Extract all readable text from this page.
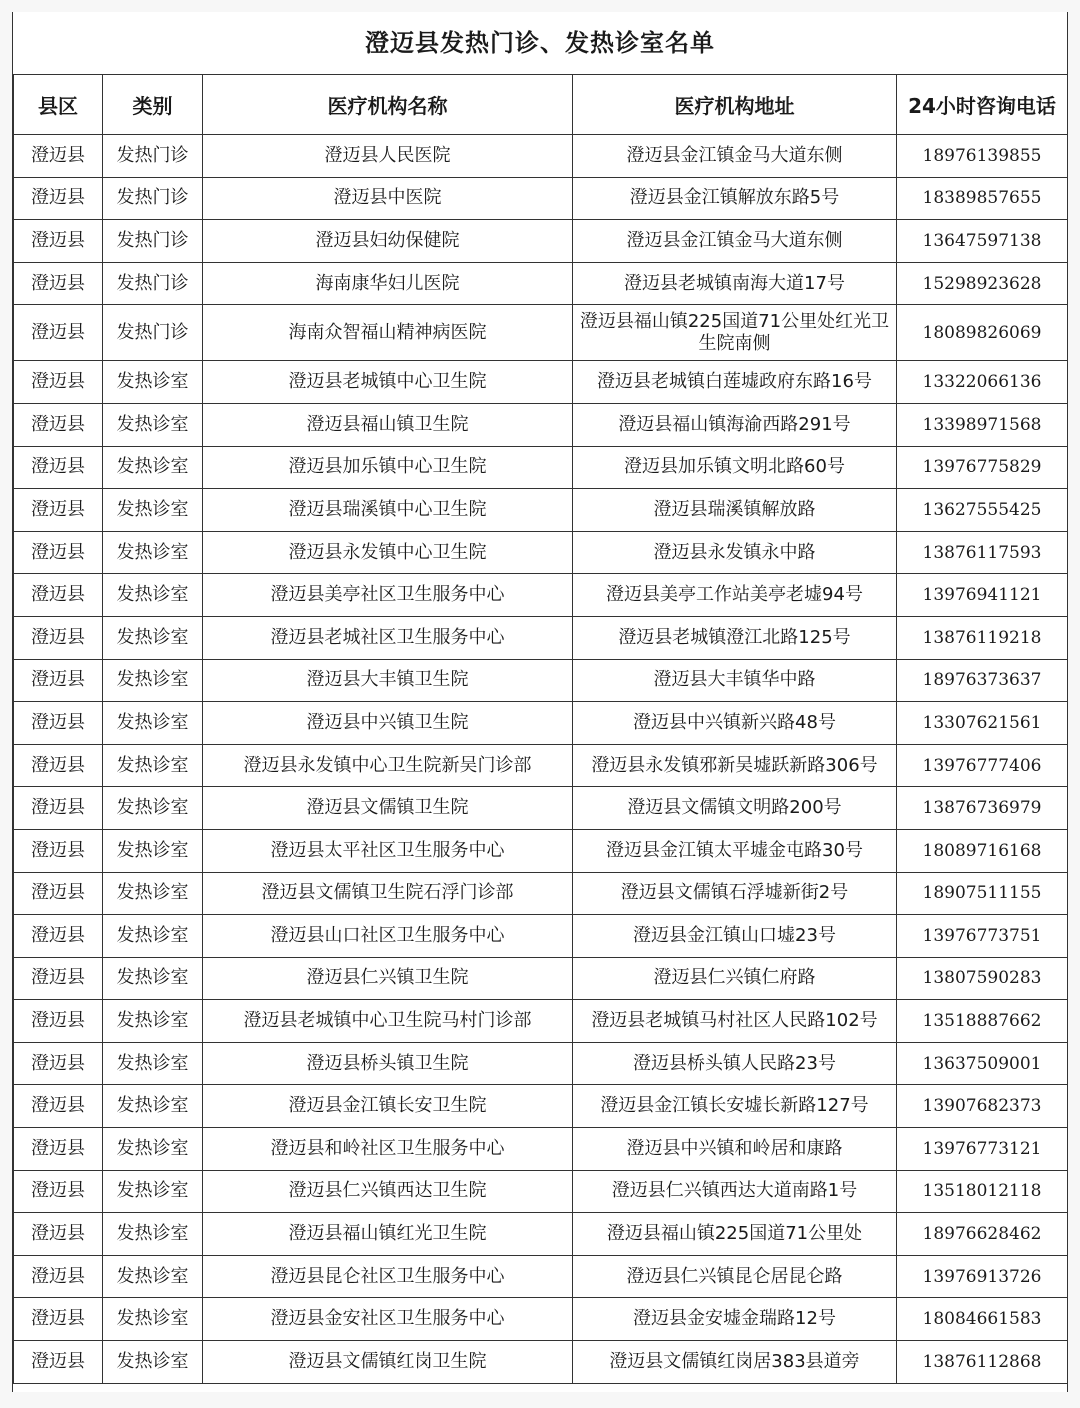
澄迈县发热门诊、发热诊室名单
县区	类别	医疗机构名称	医疗机构地址	24小时咨询电话
澄迈县	发热门诊	澄迈县人民医院	澄迈县金江镇金马大道东侧	18976139855
澄迈县	发热门诊	澄迈县中医院	澄迈县金江镇解放东路5号	18389857655
澄迈县	发热门诊	澄迈县妇幼保健院	澄迈县金江镇金马大道东侧	13647597138
澄迈县	发热门诊	海南康华妇儿医院	澄迈县老城镇南海大道17号	15298923628
澄迈县	发热门诊	海南众智福山精神病医院	澄迈县福山镇225国道71公里处红光卫生院南侧	18089826069
澄迈县	发热诊室	澄迈县老城镇中心卫生院	澄迈县老城镇白莲墟政府东路16号	13322066136
澄迈县	发热诊室	澄迈县福山镇卫生院	澄迈县福山镇海渝西路291号	13398971568
澄迈县	发热诊室	澄迈县加乐镇中心卫生院	澄迈县加乐镇文明北路60号	13976775829
澄迈县	发热诊室	澄迈县瑞溪镇中心卫生院	澄迈县瑞溪镇解放路	13627555425
澄迈县	发热诊室	澄迈县永发镇中心卫生院	澄迈县永发镇永中路	13876117593
澄迈县	发热诊室	澄迈县美亭社区卫生服务中心	澄迈县美亭工作站美亭老墟94号	13976941121
澄迈县	发热诊室	澄迈县老城社区卫生服务中心	澄迈县老城镇澄江北路125号	13876119218
澄迈县	发热诊室	澄迈县大丰镇卫生院	澄迈县大丰镇华中路	18976373637
澄迈县	发热诊室	澄迈县中兴镇卫生院	澄迈县中兴镇新兴路48号	13307621561
澄迈县	发热诊室	澄迈县永发镇中心卫生院新吴门诊部	澄迈县永发镇邪新吴墟跃新路306号	13976777406
澄迈县	发热诊室	澄迈县文儒镇卫生院	澄迈县文儒镇文明路200号	13876736979
澄迈县	发热诊室	澄迈县太平社区卫生服务中心	澄迈县金江镇太平墟金屯路30号	18089716168
澄迈县	发热诊室	澄迈县文儒镇卫生院石浮门诊部	澄迈县文儒镇石浮墟新街2号	18907511155
澄迈县	发热诊室	澄迈县山口社区卫生服务中心	澄迈县金江镇山口墟23号	13976773751
澄迈县	发热诊室	澄迈县仁兴镇卫生院	澄迈县仁兴镇仁府路	13807590283
澄迈县	发热诊室	澄迈县老城镇中心卫生院马村门诊部	澄迈县老城镇马村社区人民路102号	13518887662
澄迈县	发热诊室	澄迈县桥头镇卫生院	澄迈县桥头镇人民路23号	13637509001
澄迈县	发热诊室	澄迈县金江镇长安卫生院	澄迈县金江镇长安墟长新路127号	13907682373
澄迈县	发热诊室	澄迈县和岭社区卫生服务中心	澄迈县中兴镇和岭居和康路	13976773121
澄迈县	发热诊室	澄迈县仁兴镇西达卫生院	澄迈县仁兴镇西达大道南路1号	13518012118
澄迈县	发热诊室	澄迈县福山镇红光卫生院	澄迈县福山镇225国道71公里处	18976628462
澄迈县	发热诊室	澄迈县昆仑社区卫生服务中心	澄迈县仁兴镇昆仑居昆仑路	13976913726
澄迈县	发热诊室	澄迈县金安社区卫生服务中心	澄迈县金安墟金瑞路12号	18084661583
澄迈县	发热诊室	澄迈县文儒镇红岗卫生院	澄迈县文儒镇红岗居383县道旁	13876112868
